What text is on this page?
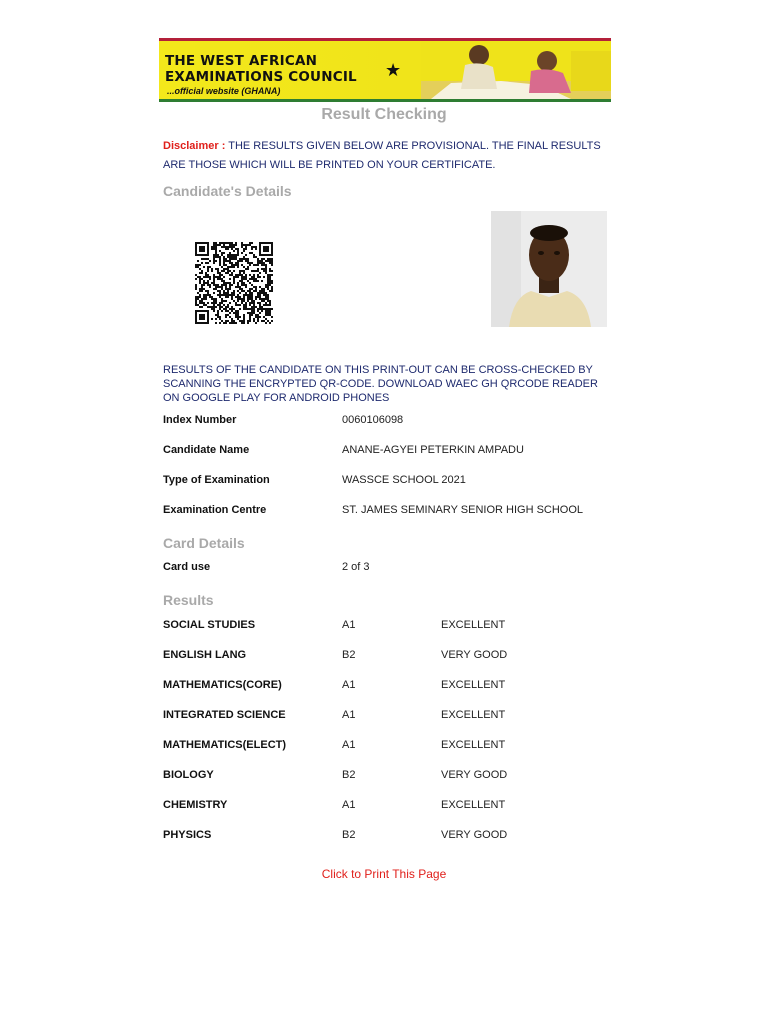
THE WEST AFRICAN
EXAMINATIONS COUNCIL
...official website (GHANA)
★
Result Checking
Disclaimer : THE RESULTS GIVEN BELOW ARE PROVISIONAL. THE FINAL RESULTS ARE THOSE WHICH WILL BE PRINTED ON YOUR CERTIFICATE.
Candidate's Details
RESULTS OF THE CANDIDATE ON THIS PRINT-OUT CAN BE CROSS-CHECKED BY SCANNING THE ENCRYPTED QR-CODE. DOWNLOAD WAEC GH QRCODE READER ON GOOGLE PLAY FOR ANDROID PHONES
Index Number	0060106098
Candidate Name	ANANE-AGYEI PETERKIN AMPADU
Type of Examination	WASSCE SCHOOL 2021
Examination Centre	ST. JAMES SEMINARY SENIOR HIGH SCHOOL
Card Details
Card use	2 of 3
Results
SOCIAL STUDIES	A1	EXCELLENT
ENGLISH LANG	B2	VERY GOOD
MATHEMATICS(CORE)	A1	EXCELLENT
INTEGRATED SCIENCE	A1	EXCELLENT
MATHEMATICS(ELECT)	A1	EXCELLENT
BIOLOGY	B2	VERY GOOD
CHEMISTRY	A1	EXCELLENT
PHYSICS	B2	VERY GOOD
Click to Print This Page
